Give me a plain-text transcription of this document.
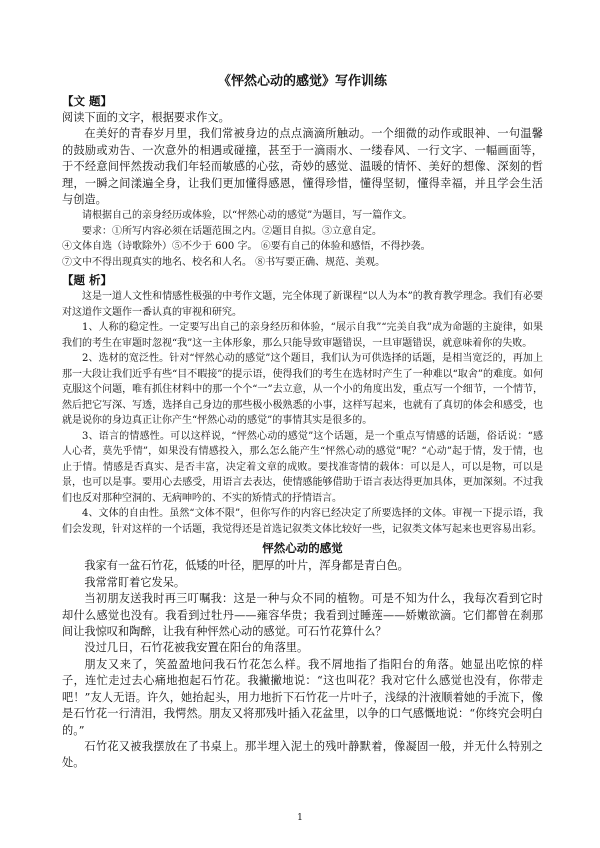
《怦然心动的感觉》写作训练
【文 题】

阅读下面的文字，根据要求作文。

在美好的青春岁月里，我们常被身边的点点滴滴所触动。一个细微的动作或眼神、一句温馨的鼓励或劝告、一次意外的相遇或碰撞，甚至于一滴雨水、一缕春风、一行文字、一幅画面等，于不经意间怦然拨动我们年轻而敏感的心弦，奇妙的感觉、温暖的情怀、美好的想像、深刻的哲理，一瞬之间漾遍全身，让我们更加懂得感恩，懂得珍惜，懂得坚韧，懂得幸福，并且学会生活与创造。

请根据自己的亲身经历或体验，以“怦然心动的感觉”为题目，写一篇作文。

要求：①所写内容必须在话题范围之内。②题目自拟。③立意自定。

④文体自选（诗歌除外）⑤不少于 600 字。 ⑥要有自己的体验和感悟，不得抄袭。

⑦文中不得出现真实的地名、校名和人名。 ⑧书写要正确、规范、美观。

【题 析】

这是一道人文性和情感性极强的中考作文题，完全体现了新课程“以人为本”的教育教学理念。我们有必要对这道作文题作一番认真的审视和研究。

1、人称的稳定性。一定要写出自己的亲身经历和体验，“展示自我”“完美自我”成为命题的主旋律，如果我们的考生在审题时忽视“我”这一主体形象，那么只能导致审题错误，一旦审题错误，就意味着你的失败。

2、选材的宽泛性。针对“怦然心动的感觉”这个题目，我们认为可供选择的话题，是相当宽泛的，再加上那一大段让我们近乎有些“目不暇接”的提示语，使得我们的考生在选材时产生了一种难以“取舍”的难度。如何克服这个问题，唯有抓住材料中的那一个个“一”去立意，从一个小的角度出发，重点写一个细节，一个情节，然后把它写深、写透，选择自己身边的那些极小极熟悉的小事，这样写起来，也就有了真切的体会和感受，也就是说你的身边真正让你产生“怦然心动的感觉”的事情其实是很多的。

3、语言的情感性。可以这样说，“怦然心动的感觉”这个话题，是一个重点写情感的话题，俗话说：“感人心者，莫先乎情”，如果没有情感投入，那么怎么能产生“怦然心动的感觉”呢？“心动”起于情，发于情，也止于情。情感是否真实、是否丰富，决定着文章的成败。要找准寄情的载体：可以是人，可以是物，可以是景，也可以是事。要用心去感受，用语言去表达，使情感能够借助于语言表达得更加具体，更加深刻。不过我们也反对那种空洞的、无病呻吟的、不实的矫情式的抒情语言。

4、文体的自由性。虽然“文体不限”，但你写作的内容已经决定了所要选择的文体。审视一下提示语，我们会发现，针对这样的一个话题，我觉得还是首选记叙类文体比较好一些，记叙类文体写起来也更容易出彩。

怦然心动的感觉

我家有一盆石竹花，低矮的叶径，肥厚的叶片，浑身都是青白色。

我常常盯着它发呆。

当初朋友送我时再三叮嘱我：这是一种与众不同的植物。可是不知为什么，我每次看到它时却什么感觉也没有。我看到过牡丹——雍容华贵；我看到过睡莲——娇嫩欲滴。它们都曾在刹那间让我惊叹和陶醉，让我有种怦然心动的感觉。可石竹花算什么？

没过几日，石竹花被我安置在阳台的角落里。

朋友又来了，笑盈盈地问我石竹花怎么样。我不屑地指了指阳台的角落。她显出吃惊的样子，连忙走过去心痛地抱起石竹花。我撇撇地说：“这也叫花？我对它什么感觉也没有，你带走吧！”友人无语。许久，她抬起头，用力地折下石竹花一片叶子，浅绿的汁液顺着她的手流下，像是石竹花一行清泪，我愕然。朋友又将那残叶插入花盆里，以争的口气感慨地说：“你终究会明白的。”

石竹花又被我摆放在了书桌上。那半埋入泥土的残叶静默着，像凝固一般，并无什么特别之处。

1
